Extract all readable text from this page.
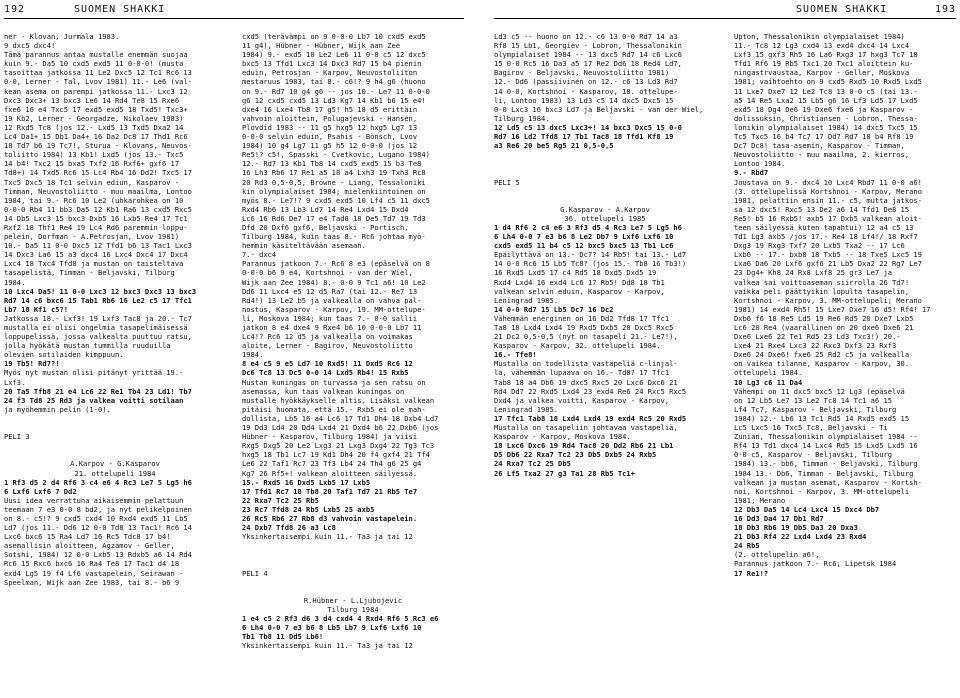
192	SUOMEN SHAKKI	SUOMEN SHAKKI	193
ner - Klovan, Jurmala 1983.
9 dxc5 dxc4!
Tämä parannus antaa mustalle enemmän suojaa
kuin 9.- Da5 10 cxd5 exd5 11 0-0-0! (musta
tasoittaa jatkossa 11 Le2 Dxc5 12 Tc1 Rc6 13
0-0, Lerner - Tal, Lvov 1981) 11.- Le6 (val-
kean asema on parempi jatkossa 11.- Lxc3 12
Dxc3 Dxc3+ 13 bxc3 Le6 14 Rd4 Te8 15 Rxe6
fxe6 16 e4 Txc5 17 exd5 exd5 18 Txd5! Txc3+
19 Kb2, Lerner - Georgadze, Nikolaev 1983)
12 Rxd5 Tc8 (jos 12.- Lxd5 13 Txd5 Dxa2 14
Lc4 Da1+ 15 Db1 Da4+ 16 Da2 Dc8 17 Thd1 Rc6
18 Td7 b6 19 Tc7!, Sturua - Klovans, Neuvos-
toliitto 1984) 13 Kb1! Lxd5 (jos 13.- Txc5
14 b4! Txc2 15 bxa5 Txf2 16 Rxf6+ gxf6 17
Td8+) 14 Txd5 Rc6 15 Lc4 Rb4 16 Dd2! Txc5 17
Txc5 Dxc5 18 Tc1 selvin ediun, Kasparov -
Timman, Neuvostoliitto - muu maailma, Lontoo
1984, tai 9.- Rc6 10 Le2 (uhkarohkea on 10
0-0-0 Rb4 11 bb3 Da5 12 Kb1 Ra6 13 cxd5 Rxc5
14 Db5 Lxc3 15 bxc3 Dxb5 16 Lxb5 Re4 17 Tc1
Rxf2 18 Thf1 Re4 19 Lc4 Rd6 paremmin loppu-
pelein, Dorfman - A.Petrosjan, Lvov 1981)
10.- Da5 11 0-0 Dxc5 12 Tfd1 b6 13 Tac1 Lxc3
14 Dxc3 La6 15 a3 dxc4 16 Lxc4 Dxc4 17 Dxc4
Lxc4 18 Txc4 Tfd8 ja mustan on taisteltava
tasapelistä, Timman - Beljavski, Tilburg
1984.
10 Lxc4 Da5! 11 0-0 Lxc3 12 bxc3 Dxc3 13 bxc3
Rd7 14 c6 bxc6 15 Tab1 Rb6 16 Le2 c5 17 Tfc1
Lb7 18 Kf1 c5?!
Jatkossa 18.- Lxf3! 19 Lxf3 Tac8 ja 20.- Tc7
mustalla ei olisi ongelmia tasapelimäisessä
loppupelissä, jossa valkealta puuttuu ratsu,
jolla hyökätä mustan tummilla ruuduilla
olevien sotilaiden kimppuun.
19 Tb5! Rd7?!
Myös nyt mustan olisi pitänyt yrittää 19.-
Lxf3.
20 Ta5 Tfb8 21 e4 Lc6 22 Re1 Tb4 23 Ld1! Tb7
24 f3 Td8 25 Rd3 ja valkea voitti sotilaan
ja myöhemmin pelin (1-0).

PELI 3

A.Karpov - G.Kasparov
21. ottelupeli 1984
1 Rf3 d5 2 d4 Rf6 3 c4 e6 4 Rc3 Le7 5 Lg5 h6
6 Lxf6 Lxf6 7 Dd2
Uusi idea verrattuna aikaisemmin pelattuun
teemaan 7 e3 0-0 8 bd2, ja nyt pelikelpoinen
on 8.- c5!? 9 cxd5 cxd4 10 Rxd4 exd5 11 Lb5
Ld7 (jos 11.- Dd6 12 0-0 Td8 13 Tac1! Rc6 14
Lxc6 bxc6 15 Ra4 Ld7 16 Rc5 Tdc8 17 b4!
asemallisin aloitteen, Agzamov - Geller,
Sotshi, 1984) 12 0-0 Lxb5 13 Rdxb5 a6 14 Rd4
Rc6 15 Rxc6 bxc6 16 Ra4 Te8 17 Tac1 d4 18
exd4 Lg5 19 f4 Lf6 vastapelein, Seirawan -
Speelman, Wijk aan Zee 1983, tai 8.- b6 9
cxd5 (terävämpi on 9 0-0-0 Lb7 10 cxd5 exd5
11 g4), Hübner - Hübner, Wijk aan Zee
1984) 9.- exd5 10 Le2 Le6 11 0-0 c5 12 dxc5
bxc5 13 Tfd1 Lxc3 14 Dxc3 Rd7 15 b4 pienin
eduin, Petrosjan - Karpov, Neuvostoliiton
mestaruus 1983, tai 8.- c6!? 9 h4 g6 (huono
on 9.- Rd7 10 g4 g6 -- jos 10.- Le7 11 0-0-0
g6 12 cxd5 cxd5 13 Ld3 Kg7 14 Kb1 b6 15 e4!
dxe4 16 Lxe4 Tb8 17 g5! h5 18 d5 erittäin
vahvoin aloittein, Polugajevski - Hansen,
Plovdid 1983 -- 11 g5 hxg5 12 hxg5 Lg7 13
0-0-0 selvin eduin, Psahis - Bönsch, Lvov
1984) 10 g4 Lg7 11 g5 h5 12 0-0-0 (jos 12
Re5!? c5!, Spasski - Cvetkovic, Lugano 1984)
12.- Rd7 13 Kb1 Tb8 14 cxd5 exd5 15 b3 Te8
16 Lh3 Rb6 17 Re1 a5 18 a4 Lxh3 19 Txh3 Rc8
20 Rd3 0,5-0,5, Browne - Liang, Tessaloniki
kin olympialaiset 1984; mielenkiintoinen on
myös 8.- Le7!? 9 cxd5 exd5 10 Lf4 c5 11 dxc5
Rxd4 Rb6 13 Lb3 Ld7 14 Re4 Lxd4 15 Dxd4
Lc6 16 Rd6 De7 17 e4 Tad8 18 De5 Td7 19 Td3
Dfd 20 Dxf6 gxf6, Beljavski - Portisch,
Tilburg 1984, kuin taas 8.- Rc6 johtaa myö-
hemmin käsiteltävään asemaan.
7.- dxc4
Parannus jatkoon 7.- Rc6 8 e3 (epäselvä on 8
0-0-0 b6 9 e4, Kortshnoi - van der Wiel,
Wijk aan Zee 1984) 8.- 0-0 9 Tc1 a6! 10 Le2
Dd6 11 Lxc4 e5 12 d5 Ra7 (tai 12.- Re7 13
Rd4!) 13 Le2 b5 ja valkealla on vahva pal-
nostus, Kasparov - Karpov, 19. MM-ottelupe-
li, Moskova 1984; kun taas 7.- 0-0 sallii
jatkon 8 e4 dxe4 9 Rxe4 b6 10 0-0-0 Lb7 11
Lc4!? Rc6 12 d5 ja valkealla on voimakas
aloite, Lerner - Bagirov, Neuvostoliitto
1984.
8 e4 c5 9 e5 Ld7 10 Rxd5! 11 Dxd5 Rc6 12
Dc6 Tc8 13 Dc5 0-0 14 Lxd5 Rb4! 15 Rxb5
Mustan kuningas on turvassa ja sen ratsu on
asemassa, kun taas valkean kuningas on
mustalle hyökkäykselle altis. Lisäksi valkean
pitäisi huomata, että 15.- Rxb5 ei ole mah-
dollista, Lb5 16 a4 Lc6 17 Td1 Dh4 18 Dxb4 Ld7
19 Dd3 Ld4 20 Dd4 Lxd4 21 Dxd4 b6 22 Dxb6 (jos
Hübner - Kasparov, Tilburg 1984) ja viisi
Rxg5 Dxg5 20 Le2 Lxg3 21 Lxg3 Dxg4 22 Tg3 Tc3
hxg5 18 Tb1 Lc7 19 Kd1 Dh4 20 f4 gxf4 21 Tf4
Le6 22 Taf1 Rc7 23 Tf3 Lb4 24 Th4 g6 25 g4
Kg7 26 Rf5+! valkean aloitteen säilyessä.
15.- Rxd5 16 Dxd5 Lxb5 17 Lxb5
17 Tfd1 Rc7 18 Tb8 20 Taf1 Td7 21 Rb5 Te7
22 Rxa7 Tc2 25 Rb5
23 Rc7 Tfd8 24 Rb5 Lxb5 25 axb5
26 Rc5 Rb6 27 Rb8 d3 vahvoin vastapelein.
24 Dxb7 Tfd8 26 a3 Lc8
Yksinkertaisempi kuin 11.- Ta3 ja tai 12

PELI 4

R.Hübner - L.Ljubojevic
Tilburg 1984
1 e4 c5 2 Rf3 d6 3 d4 cxd4 4 Rxd4 Rf6 5 Rc3 e6
6 Lh4 0-0 7 e3 b6 8 Lb5 Lb7 9 Lxf6 Lxf6 10
Tb1 Tb8 11 Dd5 Lb6!
Yksinkertaisempi kuin 11.- Ta3 ja tai 12
Ld3 c5 -- huono on 12.- c6 13 0-0 Rd7 14 a3
Rf8 15 Lb1, Georgiev - Lobron, Thessalonikin
olympialaiset 1984 -- 13 dxc5 Rd7 14 c6 Lxc6
15 0-0 Rc5 16 Da3 a5 17 Re2 Dd6 18 Red4 Ld7,
Bagirov - Beljavski, Neuvostoliitto 1981)
12.- Dd6 (passiivinen on 12.- c6 13 Ld3 Rd7
14 0-0, Kortshnoi - Kasparov, 10. ottelupe-
li, Lontoo 1983) 13 Ld3 c5 14 dxc5 Dxc5 15
0-0 Lxc3 16 bxc3 Ld7 ja Beljavski - van der Wiel,
Tilburg 1984.
12 Ld5 c5 13 dxc5 Lxc3+! 14 bxc3 Dxc5 15 0-0
Rd7 16 Ld2 Tfd8 17 Tb1 Tac8 18 Tfd1 Kf8 19
a3 Re6 20 be5 Rg5 21 0,5-0,5

PELI 5

G.Kasparov - A.Karpov
36. ottelupeli 1985
1 d4 Rf6 2 c4 e6 3 Rf3 d5 4 Rc3 Le7 5 Lg5 h6
6 Lh4 0-0 7 e3 b6 8 Le2 Db7 9 Lxf6 Lxf6 10
cxd5 exd5 11 b4 c5 12 bxc5 bxc5 13 Tb1 Lc6
Epäilyttävä on 13.- Dc7? 14 Rb5! tai 13.- Ld7
14 0-0 Rc6 15 Lb5 Tc8? (jos 15.- Tb8 16 Tb3!)
16 Rxd5 Lxd5 17 c4 Rd5 18 Dxd5 Dxd5 19
Rxd4 Lxd4 16 exd4 Lc6 17 Rb5! Dd8 18 Tb1
valkean selvin eduin, Kasparov - Karpov,
Leningrad 1985.
14 0-0 Rd7 15 Lb5 Dc7 16 Dc2
Vähemmän energinen on 16 Dd2 Tfd8 17 Tfc1
Ta8 18 Lxd4 Lxd4 19 Rxd5 Dxb5 20 Dxc5 Rxc5
21 Dc2 0,5-0,5 (nyt on tasapeli 21.- Le7!),
Kasparov - Karpov, 32. ottelupeli 1984.
16.- Tfe8!
Mustalla on todellista vastapeliä c-linjal-
la, vähemmän lupaava on 16.- Td8? 17 Tfc1
Tab8 18 a4 Db6 19 dxc5 Rxc5 20 Lxc6 Dxc6 21
Rd4 Dd7 22 Rxd5 Lxd4 23 exd4 Re6 24 Rxc5 Rxc5
Dxd4 ja valkea voitti, Kasparov - Karpov,
Leningrad 1985.
17 Tfc1 Tab8 18 Lxd4 Lxd4 19 exd4 Rc5 20 Rxd5
Mustalla on tasapeliin johtavaa vastapeliä,
Kasparov - Karpov, Moskova 1984.
18 Lxc6 Dxc6 19 Rd4 Tac8 20 Dd2 Rb6 21 Lb1
D5 Db6 22 Rxa7 Tc2 23 Db5 Dxb5 24 Rxb5
24 Rxa7 Tc2 25 Db5
26 Lf5 Txa2 27 g3 Ta1 28 Rb5 Tc1+

Upton, Thessalonikin olympialaiset 1984)
11.- Tc8 12 Lg3 cxd4 13 exd4 dxc4 14 Lxc4
Lxf3 15 gxf3 Rh5 16 La6 Rxg3 17 hxg3 Tc7 18
Tfd1 Rf6 19 Rb5 Txc1 20 Txc1 aloittein ku-
ningastrvaustaa, Karpov - Geller, Moskova
1981; vaihtoehto on 9 cxd5 Rxd5 10 Rxd5 Lxd5
11 Lxe7 Dxe7 12 Le2 Tc8 13 0-0 c5 (tai 13.-
a5 14 Re5 Lxa2 15 Lb5 g6 16 Lf3 Ld5 17 Lxd5
exd5 18 Dg4 De6 19 Dxe6 fxe6 ja Kasparov -
dolissuksin, Christiansen - Lobron, Thessa-
lonikin olympialaiset 1984) 14 dxc5 Txc5 15
Tc5 Txc5 16 b4 Tc7 17 Dd7 Rd7 18 b4 Rf8 19
Dc7 Dc8! tasa-asemin, Kasparov - Timman,
Neuvostoliitto - muu maailma, 2. kierros,
Lontoo 1984.
9.- Rbd7
Joustava on 9.- dxc4 10 Lxc4 Rbd7 11 0-0 a6!
(3. ottelupelissä Kortshnoi - Karpov, Merano
1981, pelattiin ensin 11.- c5, mutta jatkos-
sa 12 dxc5! Rxc5 13 De2 a6 14 Tfd1 De8 15
Re5! b5 16 Rxb5! axb5 17 Dxb5 valkean aloit-
teen säilyessä kuten tapahtui) 12 a4 c5 13
Td1 Lg3 axb5 /jos 17.- Re4 18 Lf4!/ 18 Rxf7
Dxg3 19 Rxg3 Txf7 20 Lxb5 Txa2 -- 17 Lc6
Lxb6 -- 17.- bxb8 18 Txb5 -- 18 Txe5 Lxc5 19
Lxa6 Da6 20 Lxf6 gxf6 21 Lb5 Dxa2 22 Rg7 Le7
23 Dg4+ Kh8 24 Rx8 Lxf8 25 gr3 Le7 ja
valkea sai voittoaseman siirrolla 26 Td7!
vaikka peli päättyikin lopulta tasapelin,
Kortshnoi - Karpov, 3. MM-ottelupeli; Merano
1981) 14 exd4 Rh5! 15 Lxe7 Dxe7 16 d5! Rf4! 17
Dxb6 f6 18 Re5 Ld5 19 Re6 Rd5 20 Dxe7 Lxb5
Lc6 20 Re4 (vaarallinen on 20 dxe6 Dxe6 21
Dxe6 Lxe6 22 Te1 Rd5 23 Ld3 Txc3!) 20.-
Lxe4 21 Rxe4 Lxc3 22 Rxc3 Dxf3 23 Rxf3
Dxe6 24 Dxe6! fxe6 25 Rd2 c5 ja valkealla
on vaikea tilanne, Kasparov - Karpov, 30.
ottelupeli 1984.
10 Lg3 c6 11 Da4
Vähempi on 11 dxc5 bxc5 12 Lg3 (epäselvä
on 12 Lb5 Le7 13 Le2 Tc8 14 Tc1 a6 15
Lf4 Tc7, Kasparov - Beljavski, Tilburg
1984) 12.- Lb6 13 Tc1 Rd5 14 Rxd5 exd5 15
Lc5 Lxc5 16 Txc5 Tc8, Beljavski - Ti
Zunian, Thessalonikin olympialaiset 1984 --
Rf4 13 Td1 dxc4 14 Lxc4 Rd5 15 Lxd5 Lxd5 16
0-0 c5, Kasparov - Beljavski, Tilburg
1984) 13.- bb6, Timman - Beljavski, Tilburg
1984 13.- Db6, Timman - Beljavski, Tilburg
valkean ja mustan asemat, Kasparov - Kortsh-
noi, Kortshnoi - Karpov, 3. MM-ottelupeli
1981; Merano
12 Db3 Da5 14 Lc4 Lxc4 15 Dxc4 Db7
16 Dd3 Da4 17 Db1 Rd7
18 Db3 Rb6 19 Db5 Da3 20 Dxa3
21 Db3 Rf4 22 Lxd4 Lxd4 23 Rxd4
24 Rb5
(2. ottelupelin a6!,
Parannus jatkoon 7.- Rc6; Lipetsk 1984
17 Re1!?
